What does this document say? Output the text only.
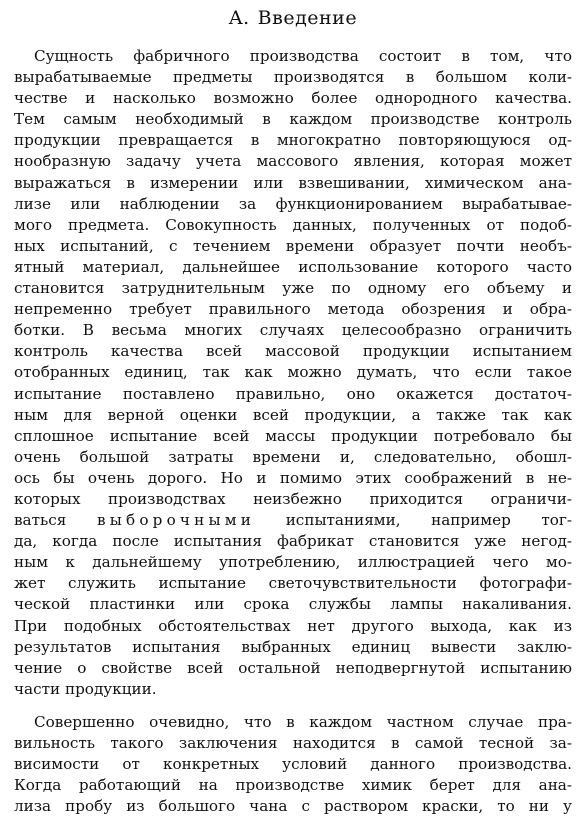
A. Введение
Сущность фабричного производства состоит в том, что
вырабатываемые предметы производятся в большом коли-
честве и насколько возможно более однородного качества.
Тем самым необходимый в каждом производстве контроль
продукции превращается в многократно повторяющуюся од-
нообразную задачу учета массового явления, которая может
выражаться в измерении или взвешивании, химическом ана-
лизе или наблюдении за функционированием вырабатывае-
мого предмета. Совокупность данных, полученных от подоб-
ных испытаний, с течением времени образует почти необъ-
ятный материал, дальнейшее использование которого часто
становится затруднительным уже по одному его объему и
непременно требует правильного метода обозрения и обра-
ботки. В весьма многих случаях целесообразно ограничить
контроль качества всей массовой продукции испытанием
отобранных единиц, так как можно думать, что если такое
испытание поставлено правильно, оно окажется достаточ-
ным для верной оценки всей продукции, а также так как
сплошное испытание всей массы продукции потребовало бы
очень большой затраты времени и, следовательно, обошл-
ось бы очень дорого. Но и помимо этих соображений в не-
которых производствах неизбежно приходится ограничи-
ваться выборочными испытаниями, например тог-
да, когда после испытания фабрикат становится уже негод-
ным к дальнейшему употреблению, иллюстрацией чего мо-
жет служить испытание светочувствительности фотографи-
ческой пластинки или срока службы лампы накаливания.
При подобных обстоятельствах нет другого выхода, как из
результатов испытания выбранных единиц вывести заклю-
чение о свойстве всей остальной неподвергнутой испытанию
части продукции.
Совершенно очевидно, что в каждом частном случае пра-
вильность такого заключения находится в самой тесной за-
висимости от конкретных условий данного производства.
Когда работающий на производстве химик берет для ана-
лиза пробу из большого чана с раствором краски, то ни у
